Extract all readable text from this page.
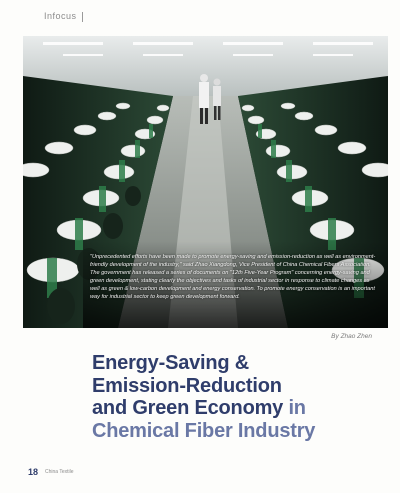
Infocus
"Unprecedented efforts have been made to promote energy-saving and emission-reduction as well as environment-friendly development of the industry," said Zhao Xiangdong, Vice President of China Chemical Fibers Association. The government has released a series of documents on "12th Five-Year Program" concerning energy-saving and green development, stating clearly the objectives and tasks of industrial sector in response to climate changes as well as green & low-carbon development and energy conservation. To promote energy conservation is an important way for industrial sector to keep green development forward.
By Zhao Zhen
Energy-Saving &
Emission-Reduction
and Green Economy in
Chemical Fiber Industry
18 China Textile
